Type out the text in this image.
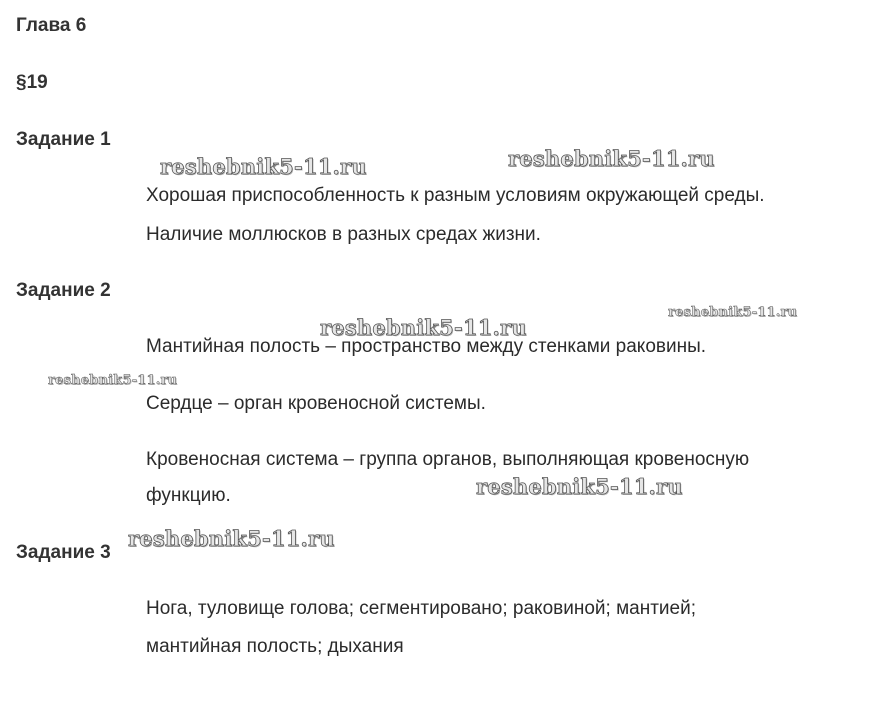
Глава 6
§19
Задание 1

Хорошая приспособленность к разным условиям окружающей среды.

Наличие моллюсков в разных средах жизни.

Задание 2

Мантийная полость – пространство между стенками раковины.

Сердце – орган кровеносной системы.

Кровеносная система – группа органов, выполняющая кровеносную

функцию.

Задание 3

Нога, туловище голова; сегментировано; раковиной; мантией;

мантийная полость; дыхания

reshebnik5-11.ru	reshebnik5-11.ru
reshebnik5-11.ru
reshebnik5-11.ru
reshebnik5-11.ru
reshebnik5-11.ru
reshebnik5-11.ru
